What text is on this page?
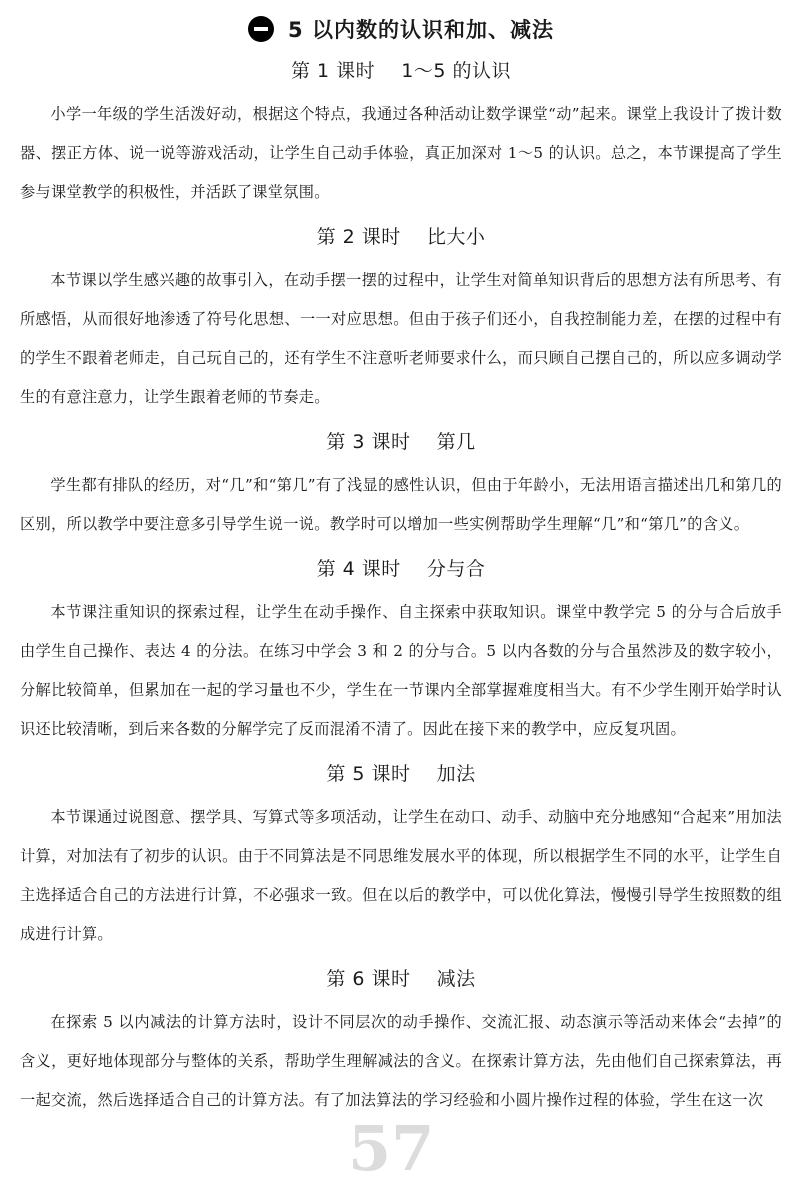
57
5 以内数的认识和加、减法
第 1 课时    1～5 的认识

小学一年级的学生活泼好动，根据这个特点，我通过各种活动让数学课堂“动”起来。课堂上我设计了拨计数器、摆正方体、说一说等游戏活动，让学生自己动手体验，真正加深对 1～5 的认识。总之，本节课提高了学生参与课堂教学的积极性，并活跃了课堂氛围。

第 2 课时    比大小

本节课以学生感兴趣的故事引入，在动手摆一摆的过程中，让学生对简单知识背后的思想方法有所思考、有所感悟，从而很好地渗透了符号化思想、一一对应思想。但由于孩子们还小，自我控制能力差，在摆的过程中有的学生不跟着老师走，自己玩自己的，还有学生不注意听老师要求什么，而只顾自己摆自己的，所以应多调动学生的有意注意力，让学生跟着老师的节奏走。

第 3 课时    第几

学生都有排队的经历，对“几”和“第几”有了浅显的感性认识，但由于年龄小，无法用语言描述出几和第几的区别，所以教学中要注意多引导学生说一说。教学时可以增加一些实例帮助学生理解“几”和“第几”的含义。

第 4 课时    分与合

本节课注重知识的探索过程，让学生在动手操作、自主探索中获取知识。课堂中教学完 5 的分与合后放手由学生自己操作、表达 4 的分法。在练习中学会 3 和 2 的分与合。5 以内各数的分与合虽然涉及的数字较小，分解比较简单，但累加在一起的学习量也不少，学生在一节课内全部掌握难度相当大。有不少学生刚开始学时认识还比较清晰，到后来各数的分解学完了反而混淆不清了。因此在接下来的教学中，应反复巩固。

第 5 课时    加法

本节课通过说图意、摆学具、写算式等多项活动，让学生在动口、动手、动脑中充分地感知“合起来”用加法计算，对加法有了初步的认识。由于不同算法是不同思维发展水平的体现，所以根据学生不同的水平，让学生自主选择适合自己的方法进行计算，不必强求一致。但在以后的教学中，可以优化算法，慢慢引导学生按照数的组成进行计算。

第 6 课时    减法

在探索 5 以内减法的计算方法时，设计不同层次的动手操作、交流汇报、动态演示等活动来体会“去掉”的含义，更好地体现部分与整体的关系，帮助学生理解减法的含义。在探索计算方法，先由他们自己探索算法，再一起交流，然后选择适合自己的计算方法。有了加法算法的学习经验和小圆片操作过程的体验，学生在这一次
